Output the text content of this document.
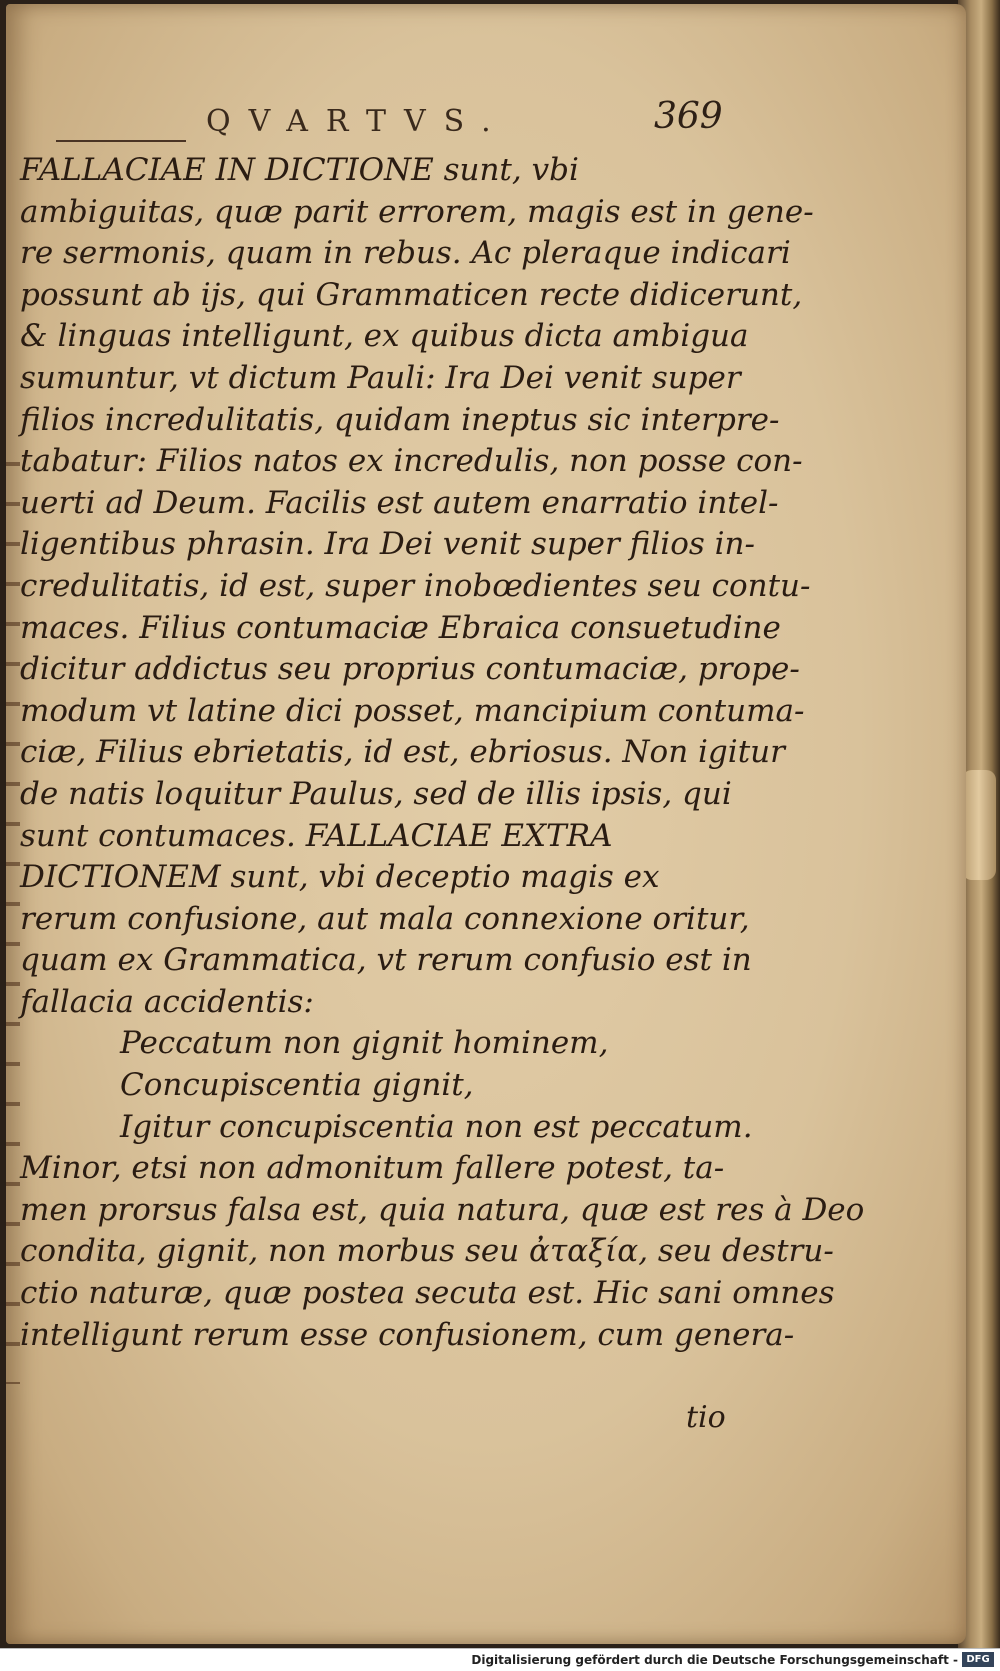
QVARTVS.	369
FALLACIAE IN DICTIONE sunt, vbi
ambiguitas, quæ parit errorem, magis est in gene-
re sermonis, quam in rebus. Ac pleraque indicari
possunt ab ijs, qui Grammaticen recte didicerunt,
& linguas intelligunt, ex quibus dicta ambigua
sumuntur, vt dictum Pauli: Ira Dei venit super
filios incredulitatis, quidam ineptus sic interpre-
tabatur: Filios natos ex incredulis, non posse con-
uerti ad Deum. Facilis est autem enarratio intel-
ligentibus phrasin. Ira Dei venit super filios in-
credulitatis, id est, super inobœdientes seu contu-
maces. Filius contumaciæ Ebraica consuetudine
dicitur addictus seu proprius contumaciæ, prope-
modum vt latine dici posset, mancipium contuma-
ciæ, Filius ebrietatis, id est, ebriosus. Non igitur
de natis loquitur Paulus, sed de illis ipsis, qui
sunt contumaces. FALLACIAE EXTRA
DICTIONEM sunt, vbi deceptio magis ex
rerum confusione, aut mala connexione oritur,
quam ex Grammatica, vt rerum confusio est in
fallacia accidentis:
Peccatum non gignit hominem,
Concupiscentia gignit,
Igitur concupiscentia non est peccatum.
Minor, etsi non admonitum fallere potest, ta-
men prorsus falsa est, quia natura, quæ est res à Deo
condita, gignit, non morbus seu ἀταξία, seu destru-
ctio naturæ, quæ postea secuta est. Hic sani omnes
intelligunt rerum esse confusionem, cum genera-
tio
Digitalisierung gefördert durch die Deutsche Forschungsgemeinschaft - DFG
